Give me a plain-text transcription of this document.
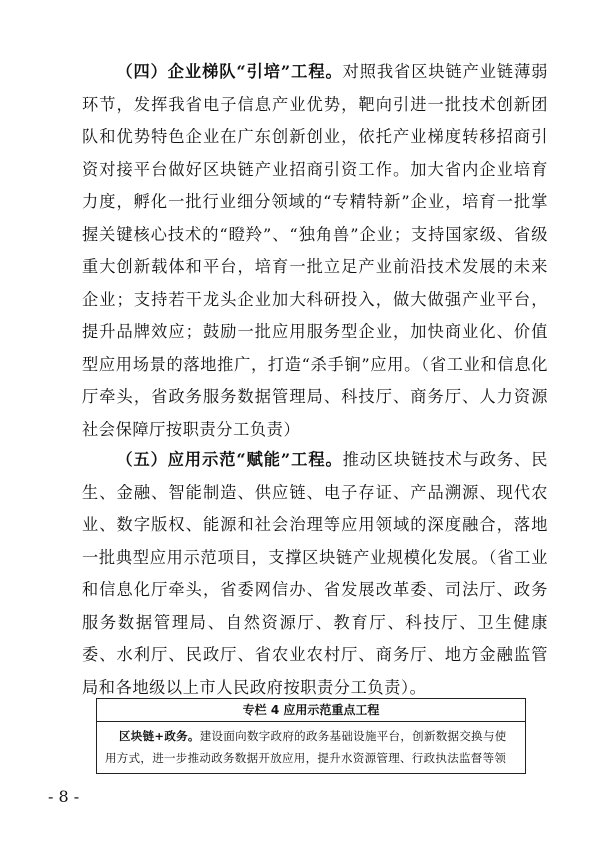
（四）企业梯队“引培”工程。对照我省区块链产业链薄弱环节，发挥我省电子信息产业优势，靶向引进一批技术创新团队和优势特色企业在广东创新创业，依托产业梯度转移招商引资对接平台做好区块链产业招商引资工作。加大省内企业培育力度，孵化一批行业细分领域的“专精特新”企业，培育一批掌握关键核心技术的“瞪羚”、“独角兽”企业；支持国家级、省级重大创新载体和平台，培育一批立足产业前沿技术发展的未来企业；支持若干龙头企业加大科研投入，做大做强产业平台，提升品牌效应；鼓励一批应用服务型企业，加快商业化、价值型应用场景的落地推广，打造“杀手锏”应用。（省工业和信息化厅牵头，省政务服务数据管理局、科技厅、商务厅、人力资源社会保障厅按职责分工负责）
（五）应用示范“赋能”工程。推动区块链技术与政务、民生、金融、智能制造、供应链、电子存证、产品溯源、现代农业、数字版权、能源和社会治理等应用领域的深度融合，落地一批典型应用示范项目，支撑区块链产业规模化发展。（省工业和信息化厅牵头，省委网信办、省发展改革委、司法厅、政务服务数据管理局、自然资源厅、教育厅、科技厅、卫生健康委、水利厅、民政厅、省农业农村厅、商务厅、地方金融监管局和各地级以上市人民政府按职责分工负责）。
专栏 4 应用示范重点工程
区块链+政务。建设面向数字政府的政务基础设施平台，创新数据交换与使用方式，进一步推动政务数据开放应用，提升水资源管理、行政执法监督等领
- 8 -
